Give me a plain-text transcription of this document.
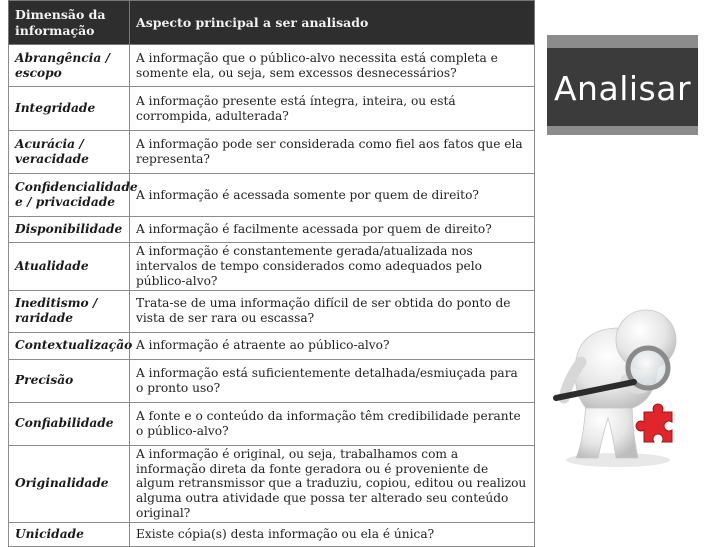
Dimensão da informação	Aspecto principal a ser analisado
Abrangência / escopo	A informação que o público-alvo necessita está completa e somente ela, ou seja, sem excessos desnecessários?
Integridade	A informação presente está íntegra, inteira, ou está corrompida, adulterada?
Acurácia / veracidade	A informação pode ser considerada como fiel aos fatos que ela representa?
Confidencialidade e / privacidade	A informação é acessada somente por quem de direito?
Disponibilidade	A informação é facilmente acessada por quem de direito?
Atualidade	A informação é constantemente gerada/atualizada nos intervalos de tempo considerados como adequados pelo público-alvo?
Ineditismo / raridade	Trata-se de uma informação difícil de ser obtida do ponto de vista de ser rara ou escassa?
Contextualização	A informação é atraente ao público-alvo?
Precisão	A informação está suficientemente detalhada/esmiuçada para o pronto uso?
Confiabilidade	A fonte e o conteúdo da informação têm credibilidade perante o público-alvo?
Originalidade	A informação é original, ou seja, trabalhamos com a informação direta da fonte geradora ou é proveniente de algum retransmissor que a traduziu, copiou, editou ou realizou alguma outra atividade que possa ter alterado seu conteúdo original?
Unicidade	Existe cópia(s) desta informação ou ela é única?
Analisar
